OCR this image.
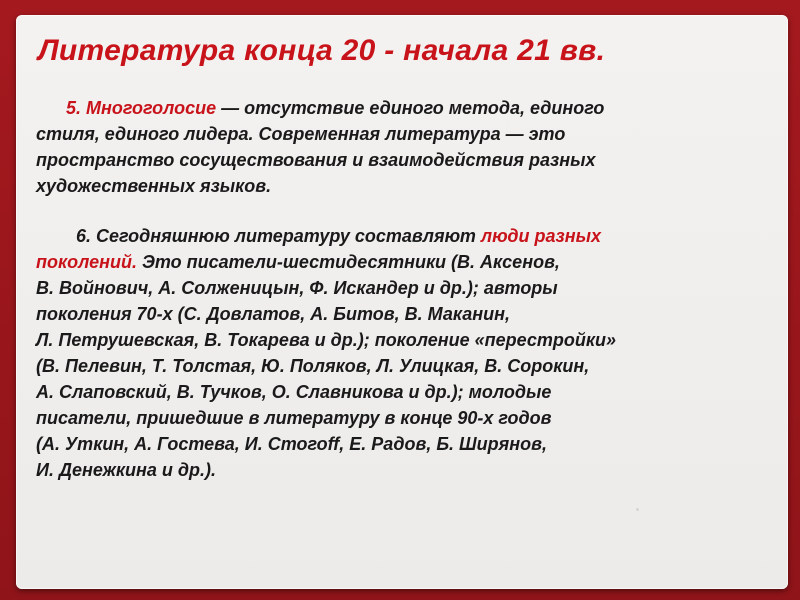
Литература конца 20 - начала 21 вв.

5. Многоголосие — отсутствие единого метода, единого
стиля, единого лидера. Современная литература — это
пространство сосуществования и взаимодействия разных
художественных языков.

6. Сегодняшнюю литературу составляют люди разных
поколений. Это писатели-шестидесятники (В. Аксенов,
В. Войнович, А. Солженицын, Ф. Искандер и др.); авторы
поколения 70-х (С. Довлатов, А. Битов, В. Маканин,
Л. Петрушевская, В. Токарева и др.); поколение «перестройки»
(В. Пелевин, Т. Толстая, Ю. Поляков, Л. Улицкая, В. Сорокин,
А. Слаповский, В. Тучков, О. Славникова и др.); молодые
писатели, пришедшие в литературу в конце 90-х годов
(А. Уткин, А. Гостева, И. Стогоff, Е. Радов, Б. Ширянов,
И. Денежкина и др.).
